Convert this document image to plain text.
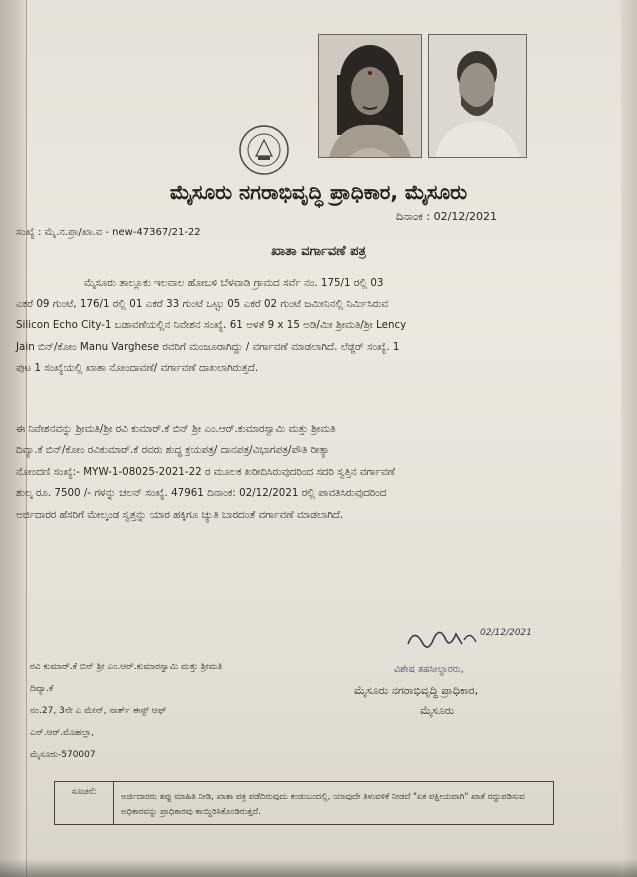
ಮೈಸೂರು ನಗರಾಭಿವೃದ್ಧಿ ಪ್ರಾಧಿಕಾರ, ಮೈಸೂರು
ದಿನಾಂಕ : 02/12/2021
ಸಂಖ್ಯೆ : ಮೈ.ನ.ಪ್ರಾ/ಖಾ.ವ - new-47367/21-22
ಖಾತಾ ವರ್ಗಾವಣೆ ಪತ್ರ
ಮೈಸೂರು ತಾಲ್ಲೂಕು ಇಲವಾಲ ಹೋಬಳಿ ಬೆಳವಾಡಿ ಗ್ರಾಮದ ಸರ್ವೆ ನಂ. 175/1 ರಲ್ಲಿ 03
ಎಕರೆ 09 ಗುಂಟೆ, 176/1 ರಲ್ಲಿ 01 ಎಕರೆ 33 ಗುಂಟೆ ಒಟ್ಟು 05 ಎಕರೆ 02 ಗುಂಟೆ ಜಮೀನಿನಲ್ಲಿ ನಿರ್ಮಿಸಿರುವ
Silicon Echo City-1 ಬಡಾವಣೆಯಲ್ಲಿನ ನಿವೇಶನ ಸಂಖ್ಯೆ. 61 ಅಳತೆ 9 x 15 ಅಡಿ/ಮೀ ಶ್ರೀಮತಿ/ಶ್ರೀ Lency
Jain ಬಿನ್/ಕೋಂ Manu Varghese ರವರಿಗೆ ಮಂಜೂರಾಗಿದ್ದು / ವರ್ಗಾವಣೆ ಮಾಡಲಾಗಿದೆ. ಲೆಡ್ಜರ್ ಸಂಖ್ಯೆ. 1
ಪುಟ 1 ಸಂಖ್ಯೆಯಲ್ಲಿ ಖಾತಾ ನೋಂದಾವಣೆ/ ವರ್ಗಾವಣೆ ದಾಖಲಾಗಿರುತ್ತದೆ.
ಈ ನಿವೇಶನವನ್ನು ಶ್ರೀಮತಿ/ಶ್ರೀ ರವಿ ಕುಮಾರ್.ಕೆ ಬಿನ್ ಶ್ರೀ ಎಂ.ಆರ್.ಕುಮಾರಸ್ವಾಮಿ ಮತ್ತು ಶ್ರೀಮತಿ
ದಿವ್ಯಾ.ಕೆ ಬಿನ್/ಕೋಂ ರವಿಕುಮಾರ್.ಕೆ ರವರು ಶುದ್ಧ ಕ್ರಯಪತ್ರ/ ದಾನಪತ್ರ/ವಿಭಾಗಪತ್ರ/ಪೌತಿ ರೀತ್ಯಾ
ನೋಂದಣಿ ಸಂಖ್ಯೆ:- MYW-1-08025-2021-22 ರ ಮೂಲಕ ಖರೀದಿಸಿರುವುದರಿಂದ ಸದರಿ ಸ್ವತ್ತಿನ ವರ್ಗಾವಣೆ
ಶುಲ್ಕ ರೂ. 7500 /- ಗಳನ್ನು ಚಲನ್ ಸಂಖ್ಯೆ. 47961 ದಿನಾಂಕ: 02/12/2021 ರಲ್ಲಿ ಪಾವತಿಸಿರುವುದರಿಂದ
ಅರ್ಜಿದಾರರ ಹೆಸರಿಗೆ ಮೇಲ್ಕಂಡ ಸ್ವತ್ತನ್ನು ಯಾರ ಹಕ್ಕಿಗೂ ಚ್ಯುತಿ ಬಾರದಂತೆ ವರ್ಗಾವಣೆ ಮಾಡಲಾಗಿದೆ.
02/12/2021
ವಿಶೇಷ ತಹಸೀಲ್ದಾರರು,
ಮೈಸೂರು ನಗರಾಭಿವೃದ್ಧಿ ಪ್ರಾಧಿಕಾರ,
ಮೈಸೂರು
ರವಿ ಕುಮಾರ್.ಕೆ ಬಿನ್ ಶ್ರೀ ಎಂ.ಆರ್.ಕುಮಾರಸ್ವಾಮಿ ಮತ್ತು ಶ್ರೀಮತಿ
ದಿವ್ಯಾ.ಕೆ
ನಂ.27, 3ನೇ ಎ ಮೇನ್, ನಾರ್ತ್ ಈಸ್ಟ್ ಆಫ್
ಎನ್.ಆರ್.ಮೊಹಲ್ಲಾ,
ಮೈಸೂರು-570007
ಸೂಚನೆ:	ಅರ್ಜಿದಾರರು ತಪ್ಪು ಮಾಹಿತಿ ನೀಡಿ, ಖಾತಾ ಪತ್ರ ಪಡೆದಿರುವುದು ಕಂಡುಬಂದಲ್ಲಿ, ಯಾವುದೇ ತಿಳುವಳಿಕೆ ನೀಡದೆ "ಏಕ ಪಕ್ಷೀಯವಾಗಿ" ಖಾತೆ ರದ್ದುಪಡಿಸುವ ಅಧಿಕಾರವನ್ನು ಪ್ರಾಧಿಕಾರವು ಕಾಯ್ದಿರಿಸಿಕೊಂಡಿರುತ್ತದೆ.
